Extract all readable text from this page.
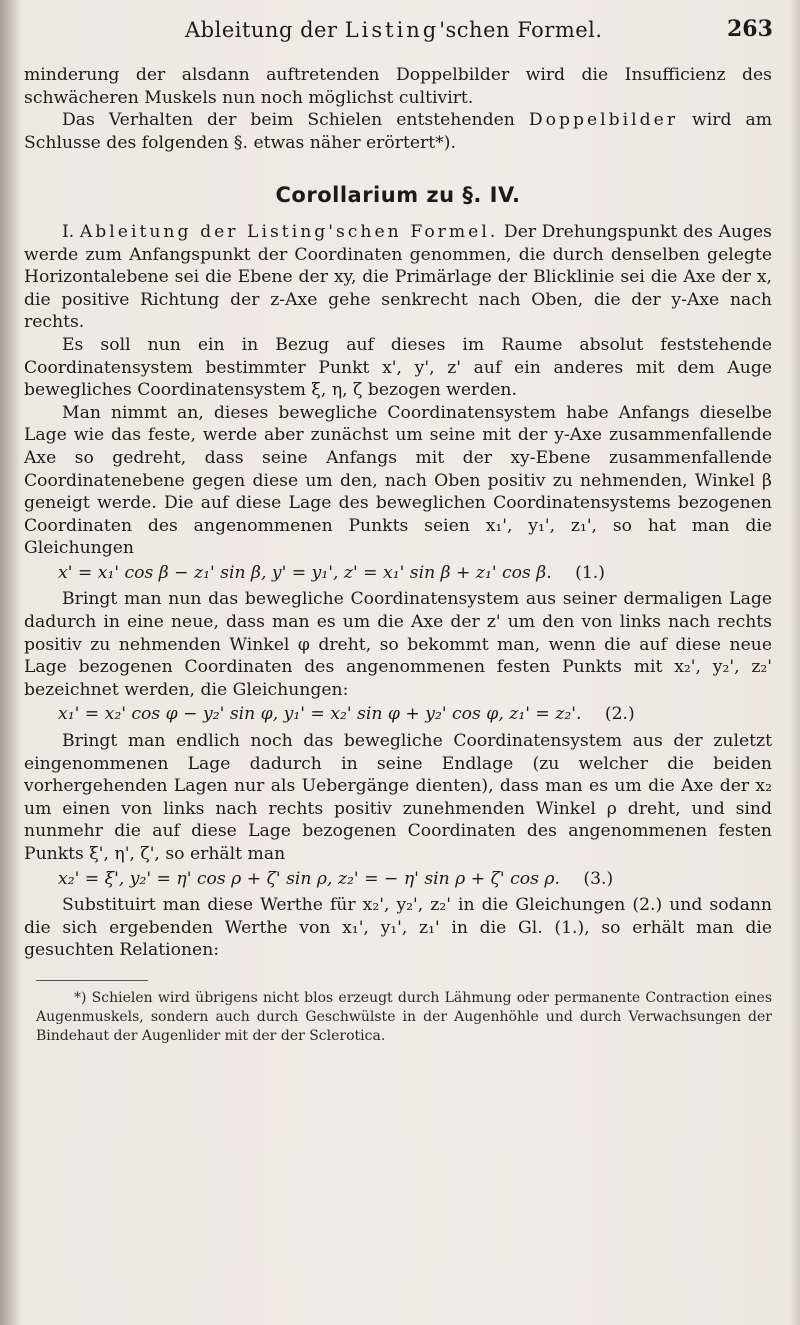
Ableitung der Listing'schen Formel.	263

minderung der alsdann auftretenden Doppelbilder wird die Insufficienz des schwächeren Muskels nun noch möglichst cultivirt.

Das Verhalten der beim Schielen entstehenden Doppelbilder wird am Schlusse des folgenden §. etwas näher erörtert*).

Corollarium zu §. IV.

I. Ableitung der Listing'schen Formel. Der Drehungspunkt des Auges werde zum Anfangspunkt der Coordinaten genommen, die durch denselben gelegte Horizontalebene sei die Ebene der xy, die Primärlage der Blicklinie sei die Axe der x, die positive Richtung der z-Axe gehe senkrecht nach Oben, die der y-Axe nach rechts.

Es soll nun ein in Bezug auf dieses im Raume absolut feststehende Coordinatensystem bestimmter Punkt x', y', z' auf ein anderes mit dem Auge bewegliches Coordinatensystem ξ, η, ζ bezogen werden.

Man nimmt an, dieses bewegliche Coordinatensystem habe Anfangs dieselbe Lage wie das feste, werde aber zunächst um seine mit der y-Axe zusammenfallende Axe so gedreht, dass seine Anfangs mit der xy-Ebene zusammenfallende Coordinatenebene gegen diese um den, nach Oben positiv zu nehmenden, Winkel β geneigt werde. Die auf diese Lage des beweglichen Coordinatensystems bezogenen Coordinaten des angenommenen Punkts seien x₁', y₁', z₁', so hat man die Gleichungen

x' = x₁' cos β − z₁' sin β, y' = y₁', z' = x₁' sin β + z₁' cos β. (1.)

Bringt man nun das bewegliche Coordinatensystem aus seiner dermaligen Lage dadurch in eine neue, dass man es um die Axe der z' um den von links nach rechts positiv zu nehmenden Winkel φ dreht, so bekommt man, wenn die auf diese neue Lage bezogenen Coordinaten des angenommenen festen Punkts mit x₂', y₂', z₂' bezeichnet werden, die Gleichungen:

x₁' = x₂' cos φ − y₂' sin φ, y₁' = x₂' sin φ + y₂' cos φ, z₁' = z₂'. (2.)

Bringt man endlich noch das bewegliche Coordinatensystem aus der zuletzt eingenommenen Lage dadurch in seine Endlage (zu welcher die beiden vorhergehenden Lagen nur als Uebergänge dienten), dass man es um die Axe der x₂ um einen von links nach rechts positiv zunehmenden Winkel ρ dreht, und sind nunmehr die auf diese Lage bezogenen Coordinaten des angenommenen festen Punkts ξ', η', ζ', so erhält man

x₂' = ξ', y₂' = η' cos ρ + ζ' sin ρ, z₂' = − η' sin ρ + ζ' cos ρ. (3.)

Substituirt man diese Werthe für x₂', y₂', z₂' in die Gleichungen (2.) und sodann die sich ergebenden Werthe von x₁', y₁', z₁' in die Gl. (1.), so erhält man die gesuchten Relationen:

*) Schielen wird übrigens nicht blos erzeugt durch Lähmung oder permanente Contraction eines Augenmuskels, sondern auch durch Geschwülste in der Augenhöhle und durch Verwachsungen der Bindehaut der Augenlider mit der der Sclerotica.
